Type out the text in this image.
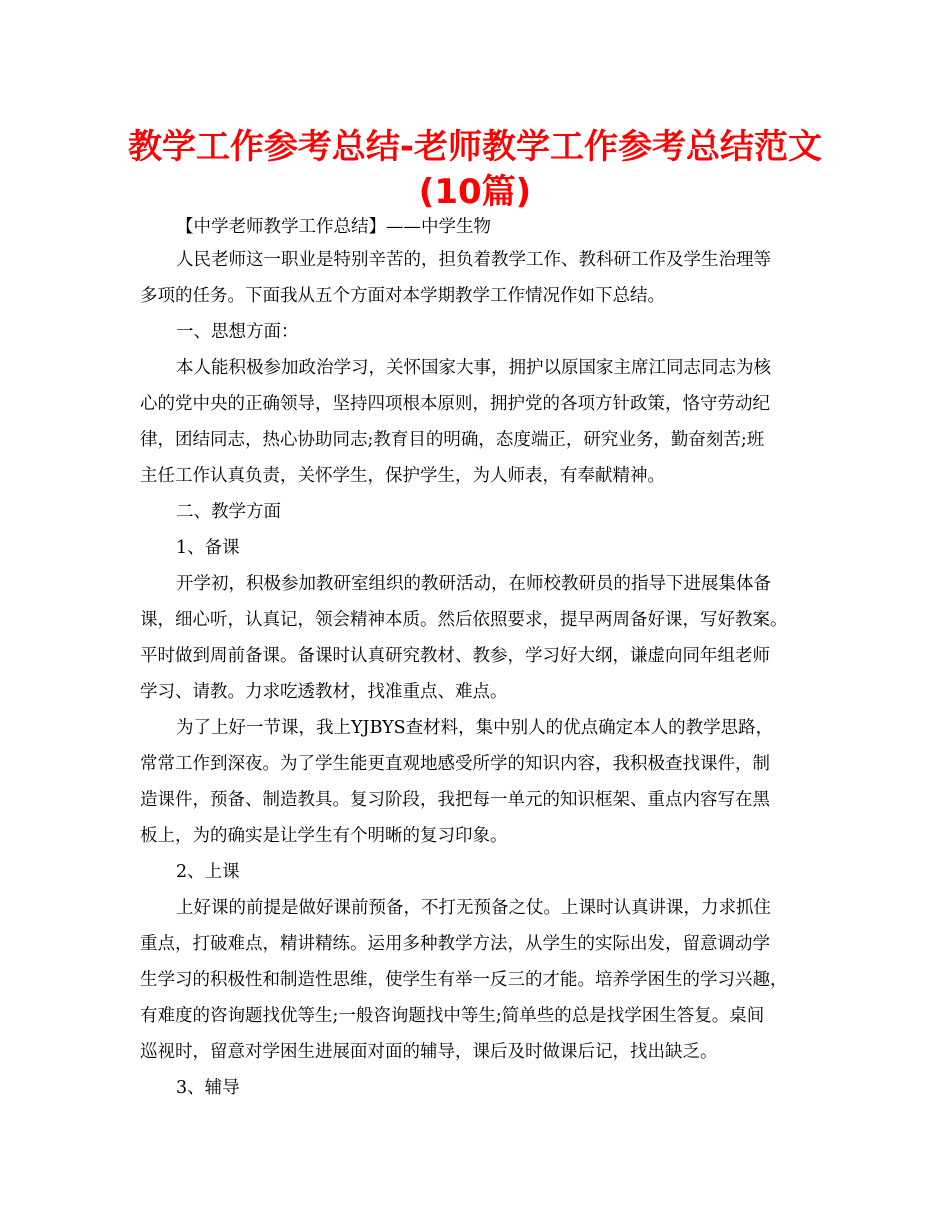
教学工作参考总结-老师教学工作参考总结范文
(10篇)
【中学老师教学工作总结】——中学生物
人民老师这一职业是特别辛苦的，担负着教学工作、教科研工作及学生治理等
多项的任务。下面我从五个方面对本学期教学工作情况作如下总结。
一、思想方面：
本人能积极参加政治学习，关怀国家大事，拥护以原国家主席江同志同志为核
心的党中央的正确领导，坚持四项根本原则，拥护党的各项方针政策，恪守劳动纪
律，团结同志，热心协助同志;教育目的明确，态度端正，研究业务，勤奋刻苦;班
主任工作认真负责，关怀学生，保护学生，为人师表，有奉献精神。
二、教学方面
1、备课
开学初，积极参加教研室组织的教研活动，在师校教研员的指导下进展集体备
课，细心听，认真记，领会精神本质。然后依照要求，提早两周备好课，写好教案。
平时做到周前备课。备课时认真研究教材、教参，学习好大纲，谦虚向同年组老师
学习、请教。力求吃透教材，找准重点、难点。
为了上好一节课，我上YJBYS查材料，集中别人的优点确定本人的教学思路，
常常工作到深夜。为了学生能更直观地感受所学的知识内容，我积极查找课件，制
造课件，预备、制造教具。复习阶段，我把每一单元的知识框架、重点内容写在黑
板上，为的确实是让学生有个明晰的复习印象。
2、上课
上好课的前提是做好课前预备，不打无预备之仗。上课时认真讲课，力求抓住
重点，打破难点，精讲精练。运用多种教学方法，从学生的实际出发，留意调动学
生学习的积极性和制造性思维，使学生有举一反三的才能。培养学困生的学习兴趣，
有难度的咨询题找优等生;一般咨询题找中等生;简单些的总是找学困生答复。桌间
巡视时，留意对学困生进展面对面的辅导，课后及时做课后记，找出缺乏。
3、辅导
